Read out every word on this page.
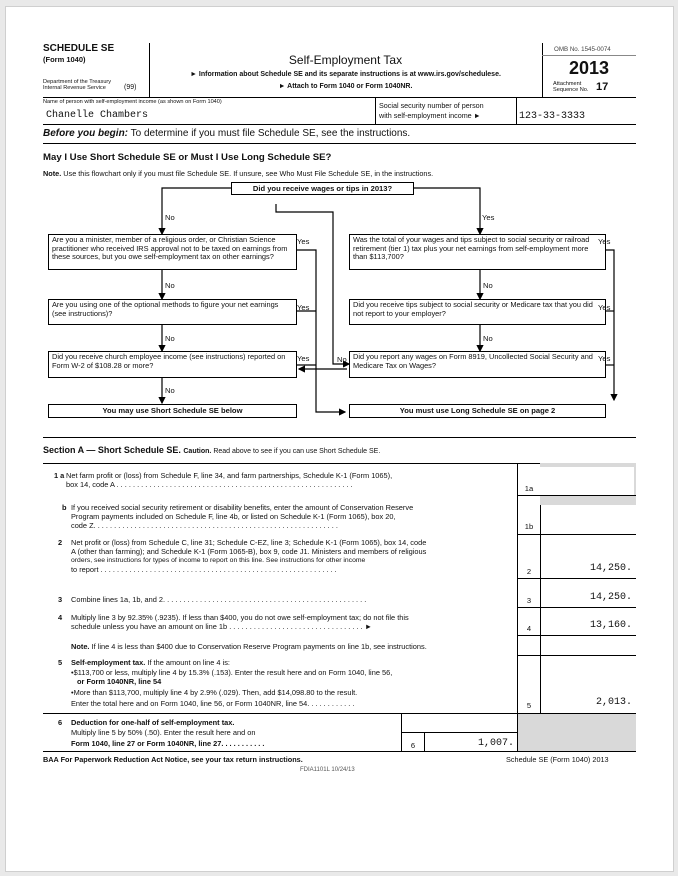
SCHEDULE SE
(Form 1040)
Department of the Treasury
Internal Revenue Service	(99)
Self-Employment Tax
► Information about Schedule SE and its separate instructions is at www.irs.gov/schedulese.
► Attach to Form 1040 or Form 1040NR.
OMB No. 1545-0074
2013
Attachment
Sequence No. 17
Name of person with self-employment income (as shown on Form 1040)
Chanelle Chambers
Social security number of person
with self-employment income ►	123-33-3333
Before you begin: To determine if you must file Schedule SE, see the instructions.
May I Use Short Schedule SE or Must I Use Long Schedule SE?
Note. Use this flowchart only if you must file Schedule SE. If unsure, see Who Must File Schedule SE, in the instructions.
Did you receive wages or tips in 2013?
No	Yes
Are you a minister, member of a religious order, or Christian Science practitioner who received IRS approval not to be taxed on earnings from these sources, but you owe self-employment tax on other earnings?
Yes
No
Are you using one of the optional methods to figure your net earnings (see instructions)?
Yes
No
Did you receive church employee income (see instructions) reported on Form W-2 of $108.28 or more?
Yes
No
Was the total of your wages and tips subject to social security or railroad retirement (tier 1) tax plus your net earnings from self-employment more than $113,700?
Yes
No
Did you receive tips subject to social security or Medicare tax that you did not report to your employer?
Yes
No
Did you report any wages on Form 8919, Uncollected Social Security and Medicare Tax on Wages?
Yes
No
You may use Short Schedule SE below	You must use Long Schedule SE on page 2
Section A — Short Schedule SE. Caution. Read above to see if you can use Short Schedule SE.
1 a Net farm profit or (loss) from Schedule F, line 34, and farm partnerships, Schedule K-1 (Form 1065),
box 14, code A . . . . . . . . . . . . . . . . . . . . . . . . . . . . . . . . . . . . . . . . . . . . . . . . . . . . . . . . . .	1a
b If you received social security retirement or disability benefits, enter the amount of Conservation Reserve
Program payments included on Schedule F, line 4b, or listed on Schedule K-1 (Form 1065), box 20,
code Z. . . . . . . . . . . . . . . . . . . . . . . . . . . . . . . . . . . . . . . . . . . . . . . . . . . . . . . . . . . .	1b
2 Net profit or (loss) from Schedule C, line 31; Schedule C-EZ, line 3; Schedule K-1 (Form 1065), box 14, code
A (other than farming); and Schedule K-1 (Form 1065-B), box 9, code J1. Ministers and members of religious
orders, see instructions for types of income to report on this line. See instructions for other income
to report . . . . . . . . . . . . . . . . . . . . . . . . . . . . . . . . . . . . . . . . . . . . . . . . . . . . . . . . . .	2	14,250.
3 Combine lines 1a, 1b, and 2. . . . . . . . . . . . . . . . . . . . . . . . . . . . . . . . . . . . . . . . . . . . . . . . . .	3	14,250.
4 Multiply line 3 by 92.35% (.9235). If less than $400, you do not owe self-employment tax; do not file this
schedule unless you have an amount on line 1b . . . . . . . . . . . . . . . . . . . . . . . . . . . . . . . . . ►	4	13,160.
Note. If line 4 is less than $400 due to Conservation Reserve Program payments on line 1b, see instructions.
5 Self-employment tax. If the amount on line 4 is:
•$113,700 or less, multiply line 4 by 15.3% (.153). Enter the result here and on Form 1040, line 56,
or Form 1040NR, line 54
•More than $113,700, multiply line 4 by 2.9% (.029). Then, add $14,098.80 to the result.
Enter the total here and on Form 1040, line 56, or Form 1040NR, line 54. . . . . . . . . . . .	5	2,013.
6 Deduction for one-half of self-employment tax.
Multiply line 5 by 50% (.50). Enter the result here and on
Form 1040, line 27 or Form 1040NR, line 27. . . . . . . . . . .	6	1,007.
BAA For Paperwork Reduction Act Notice, see your tax return instructions.	Schedule SE (Form 1040) 2013
FDIA1101L 10/24/13
